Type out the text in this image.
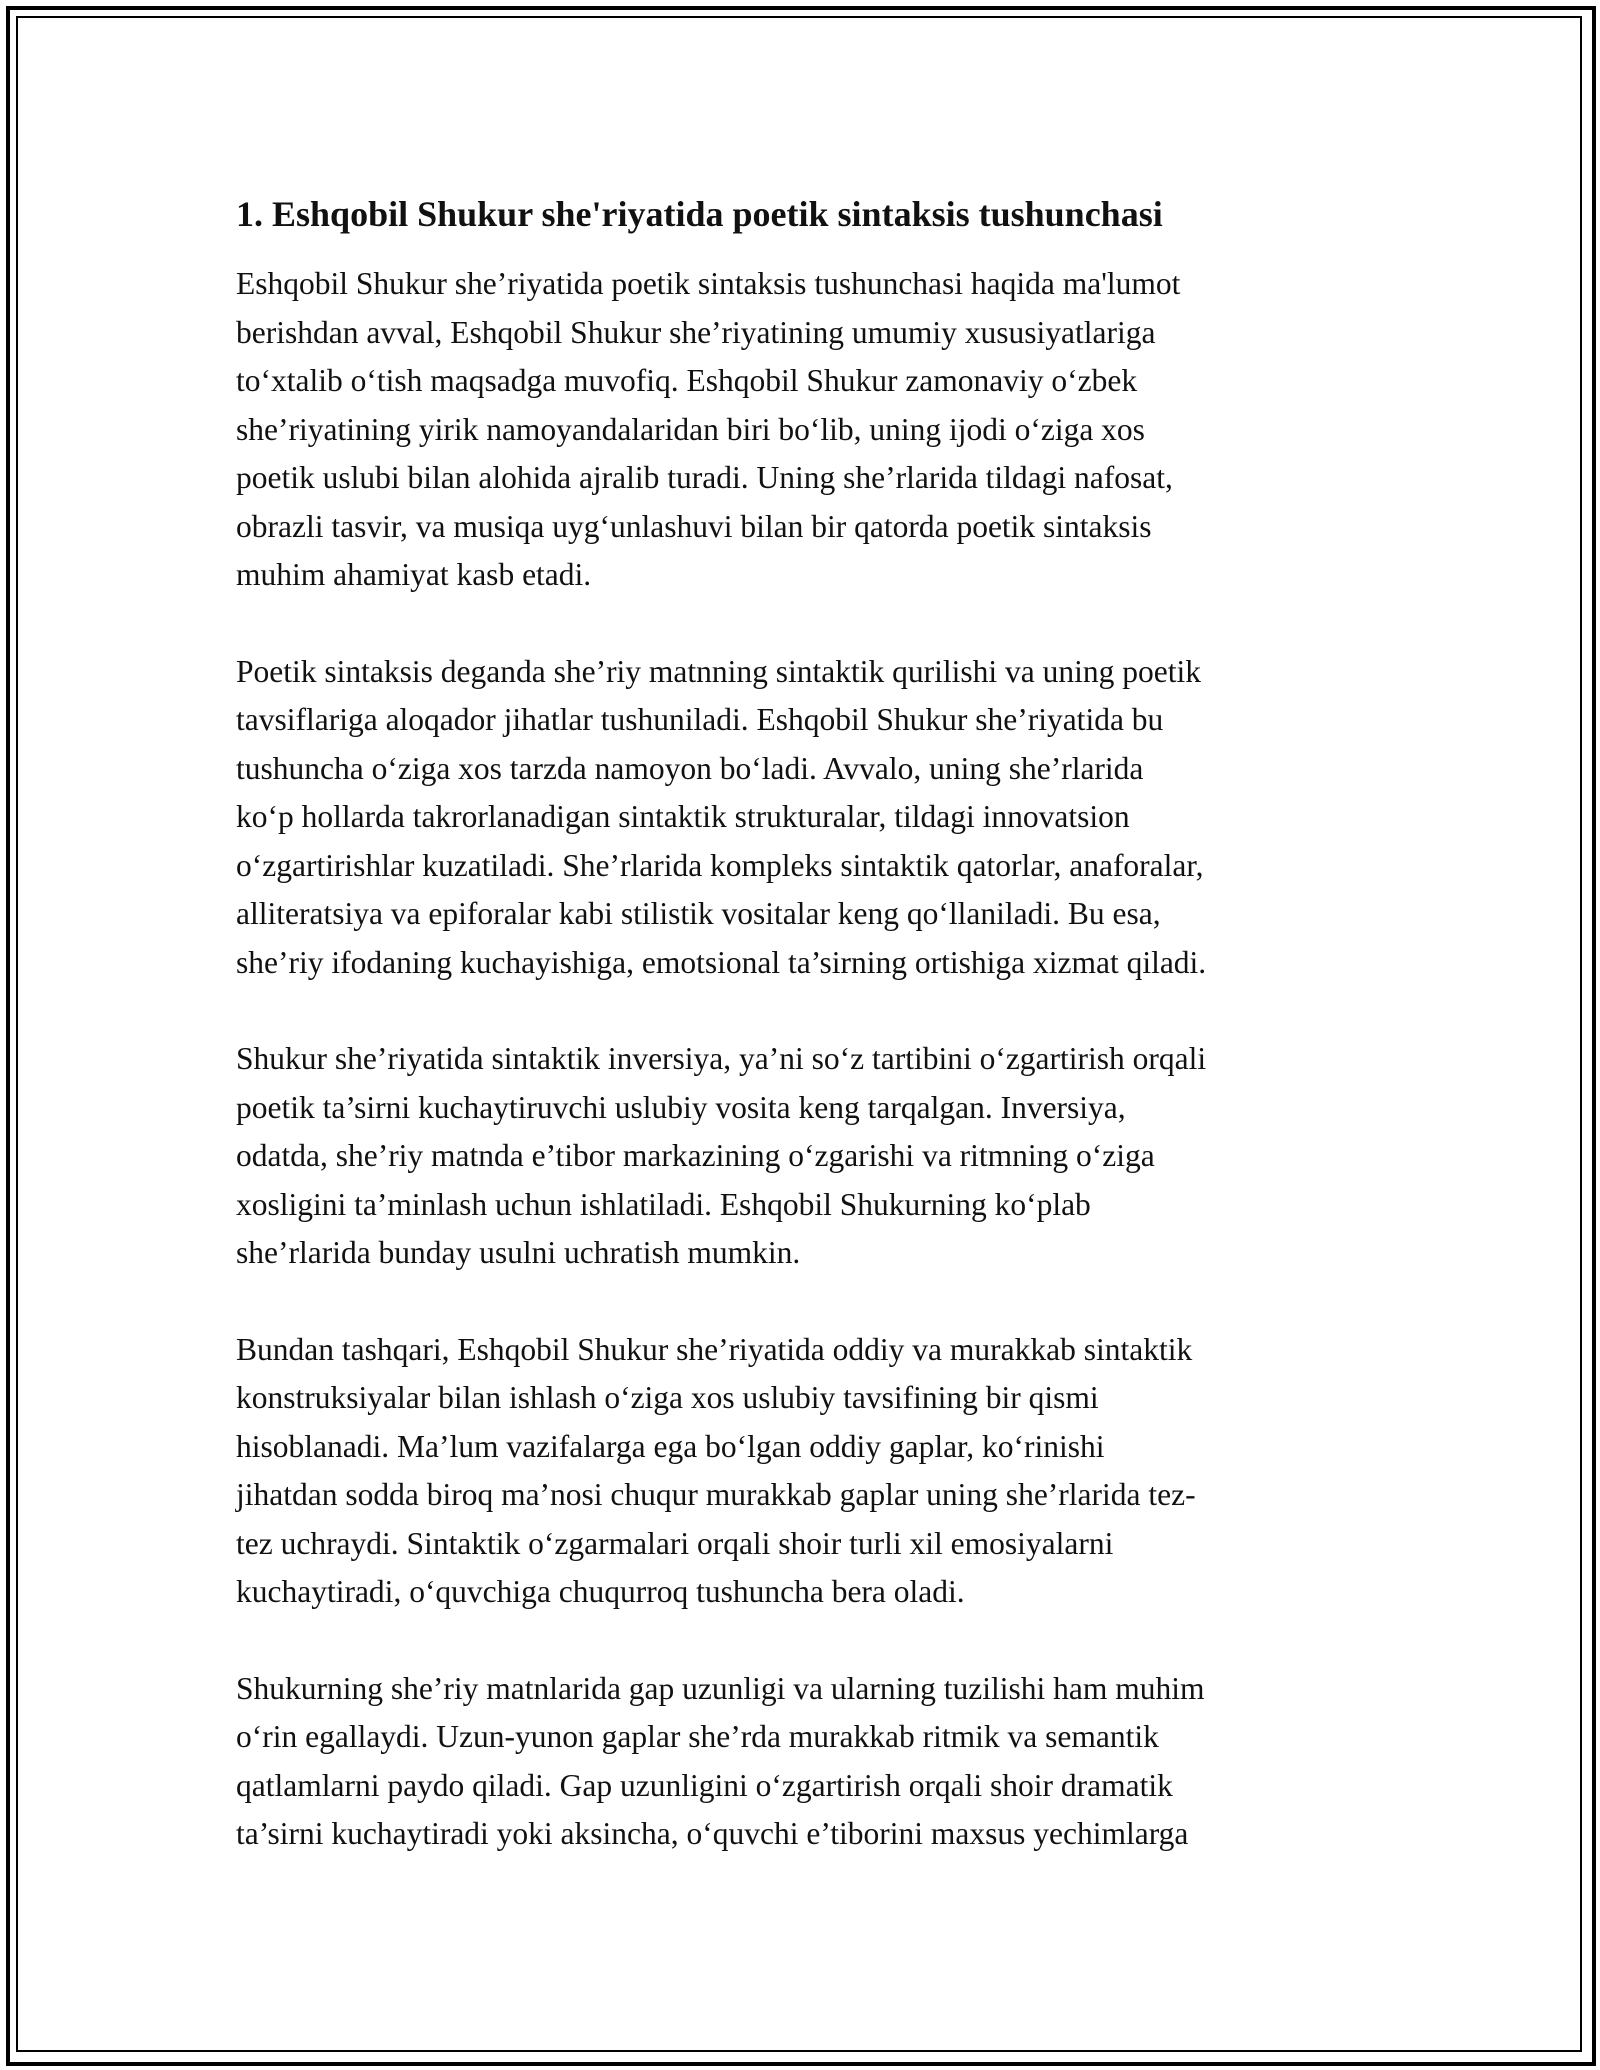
1. Eshqobil Shukur she'riyatida poetik sintaksis tushunchasi
Eshqobil Shukur she’riyatida poetik sintaksis tushunchasi haqida ma'lumot
berishdan avval, Eshqobil Shukur she’riyatining umumiy xususiyatlariga
to‘xtalib o‘tish maqsadga muvofiq. Eshqobil Shukur zamonaviy o‘zbek
she’riyatining yirik namoyandalaridan biri bo‘lib, uning ijodi o‘ziga xos
poetik uslubi bilan alohida ajralib turadi. Uning she’rlarida tildagi nafosat,
obrazli tasvir, va musiqa uyg‘unlashuvi bilan bir qatorda poetik sintaksis
muhim ahamiyat kasb etadi.
Poetik sintaksis deganda she’riy matnning sintaktik qurilishi va uning poetik
tavsiflariga aloqador jihatlar tushuniladi. Eshqobil Shukur she’riyatida bu
tushuncha o‘ziga xos tarzda namoyon bo‘ladi. Avvalo, uning she’rlarida
ko‘p hollarda takrorlanadigan sintaktik strukturalar, tildagi innovatsion
o‘zgartirishlar kuzatiladi. She’rlarida kompleks sintaktik qatorlar, anaforalar,
alliteratsiya va epiforalar kabi stilistik vositalar keng qo‘llaniladi. Bu esa,
she’riy ifodaning kuchayishiga, emotsional ta’sirning ortishiga xizmat qiladi.
Shukur she’riyatida sintaktik inversiya, ya’ni so‘z tartibini o‘zgartirish orqali
poetik ta’sirni kuchaytiruvchi uslubiy vosita keng tarqalgan. Inversiya,
odatda, she’riy matnda e’tibor markazining o‘zgarishi va ritmning o‘ziga
xosligini ta’minlash uchun ishlatiladi. Eshqobil Shukurning ko‘plab
she’rlarida bunday usulni uchratish mumkin.
Bundan tashqari, Eshqobil Shukur she’riyatida oddiy va murakkab sintaktik
konstruksiyalar bilan ishlash o‘ziga xos uslubiy tavsifining bir qismi
hisoblanadi. Ma’lum vazifalarga ega bo‘lgan oddiy gaplar, ko‘rinishi
jihatdan sodda biroq ma’nosi chuqur murakkab gaplar uning she’rlarida tez-
tez uchraydi. Sintaktik o‘zgarmalari orqali shoir turli xil emosiyalarni
kuchaytiradi, o‘quvchiga chuqurroq tushuncha bera oladi.
Shukurning she’riy matnlarida gap uzunligi va ularning tuzilishi ham muhim
o‘rin egallaydi. Uzun-yunon gaplar she’rda murakkab ritmik va semantik
qatlamlarni paydo qiladi. Gap uzunligini o‘zgartirish orqali shoir dramatik
ta’sirni kuchaytiradi yoki aksincha, o‘quvchi e’tiborini maxsus yechimlarga
